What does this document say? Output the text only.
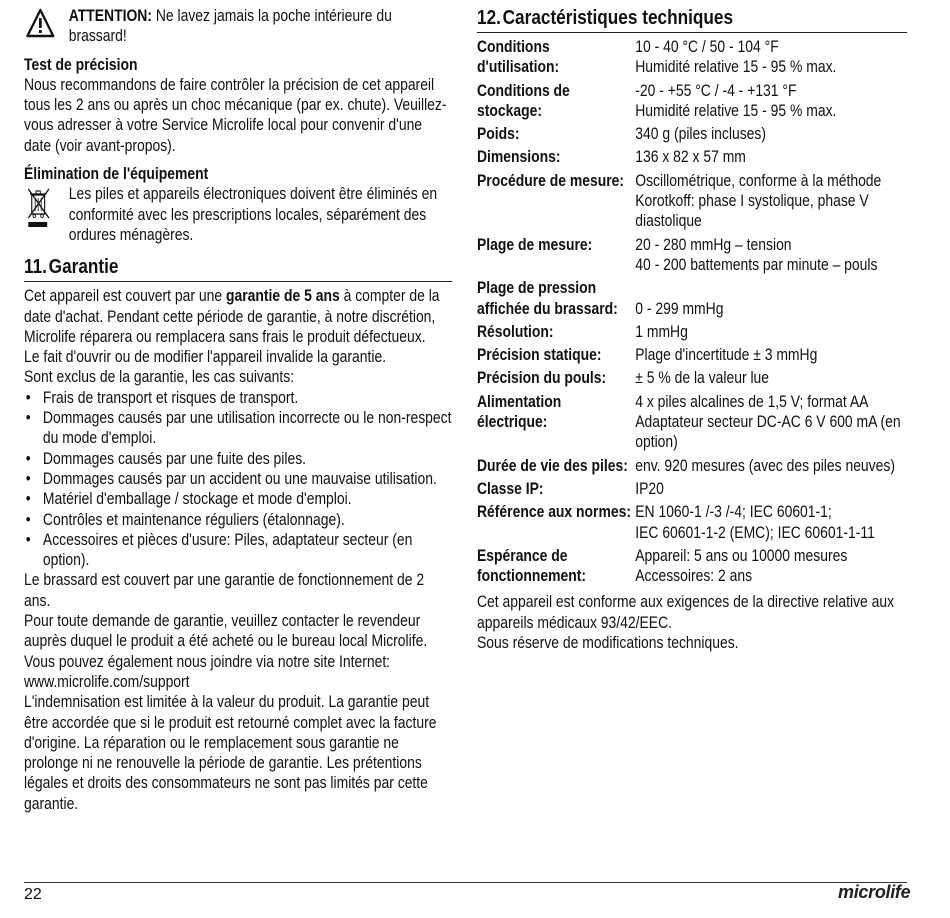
ATTENTION: Ne lavez jamais la poche intérieure du brassard!
Test de précision
Nous recommandons de faire contrôler la précision de cet appareil tous les 2 ans ou après un choc mécanique (par ex. chute). Veuillez-vous adresser à votre Service Microlife local pour convenir d'une date (voir avant-propos).
Élimination de l'équipement
Les piles et appareils électroniques doivent être éliminés en conformité avec les prescriptions locales, séparément des ordures ménagères.
11.Garantie
Cet appareil est couvert par une garantie de 5 ans à compter de la date d'achat. Pendant cette période de garantie, à notre discrétion, Microlife réparera ou remplacera sans frais le produit défectueux.
Le fait d'ouvrir ou de modifier l'appareil invalide la garantie.
Sont exclus de la garantie, les cas suivants:
• Frais de transport et risques de transport.
• Dommages causés par une utilisation incorrecte ou le non-respect du mode d'emploi.
• Dommages causés par une fuite des piles.
• Dommages causés par un accident ou une mauvaise utilisation.
• Matériel d'emballage / stockage et mode d'emploi.
• Contrôles et maintenance réguliers (étalonnage).
• Accessoires et pièces d'usure: Piles, adaptateur secteur (en option).
Le brassard est couvert par une garantie de fonctionnement de 2 ans.
Pour toute demande de garantie, veuillez contacter le revendeur auprès duquel le produit a été acheté ou le bureau local Microlife. Vous pouvez également nous joindre via notre site Internet: www.microlife.com/support
L'indemnisation est limitée à la valeur du produit. La garantie peut être accordée que si le produit est retourné complet avec la facture d'origine. La réparation ou le remplacement sous garantie ne prolonge ni ne renouvelle la période de garantie. Les prétentions légales et droits des consommateurs ne sont pas limités par cette garantie.
12.Caractéristiques techniques
Conditions d'utilisation:	10 - 40 °C / 50 - 104 °F
Humidité relative 15 - 95 % max.
Conditions de stockage:	-20 - +55 °C / -4 - +131 °F
Humidité relative 15 - 95 % max.
Poids:	340 g (piles incluses)
Dimensions:	136 x 82 x 57 mm
Procédure de mesure:	Oscillométrique, conforme à la méthode Korotkoff: phase I systolique, phase V diastolique
Plage de mesure:	20 - 280 mmHg – tension
40 - 200 battements par minute – pouls
Plage de pression affichée du brassard:	
0 - 299 mmHg
Résolution:	1 mmHg
Précision statique:	Plage d'incertitude ± 3 mmHg
Précision du pouls:	± 5 % de la valeur lue
Alimentation électrique:	4 x piles alcalines de 1,5 V; format AA
Adaptateur secteur DC-AC 6 V 600 mA (en option)
Durée de vie des piles:	env. 920 mesures (avec des piles neuves)
Classe IP:	IP20
Référence aux normes:	EN 1060-1 /-3 /-4; IEC 60601-1;
IEC 60601-1-2 (EMC); IEC 60601-1-11
Espérance de fonctionnement:	Appareil: 5 ans ou 10000 mesures
Accessoires: 2 ans
Cet appareil est conforme aux exigences de la directive relative aux appareils médicaux 93/42/EEC.
Sous réserve de modifications techniques.
22	microlife
